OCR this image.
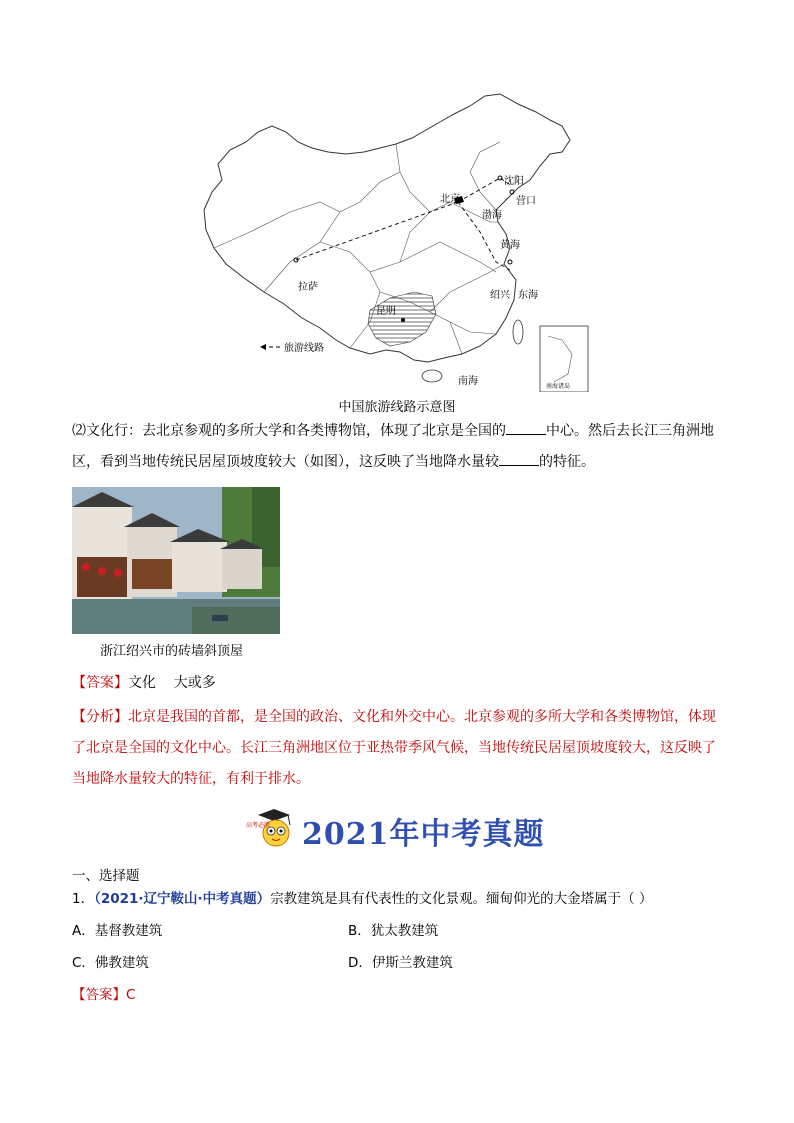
南海诸岛
北京
沈阳
营口
渤海
黄海
拉萨
绍兴 东海
昆明
南海
旅游线路
中国旅游线路示意图
⑵文化行：去北京参观的多所大学和各类博物馆，体现了北京是全国的	中心。然后去长江三角洲地
区，看到当地传统民居屋顶坡度较大（如图），这反映了当地降水量较	的特征。
浙江绍兴市的砖墙斜顶屋
【答案】文化    大或多
【分析】北京是我国的首都，是全国的政治、文化和外交中心。北京参观的多所大学和各类博物馆，体现
了北京是全国的文化中心。长江三角洲地区位于亚热带季风气候，当地传统民居屋顶坡度较大，这反映了
当地降水量较大的特征，有利于排水。
高考必胜 2021年中考真题
一、选择题
1．（2021·辽宁鞍山·中考真题）宗教建筑是具有代表性的文化景观。缅甸仰光的大金塔属于（ ）
A．基督教建筑	B．犹太教建筑
C．佛教建筑	D．伊斯兰教建筑
【答案】C
